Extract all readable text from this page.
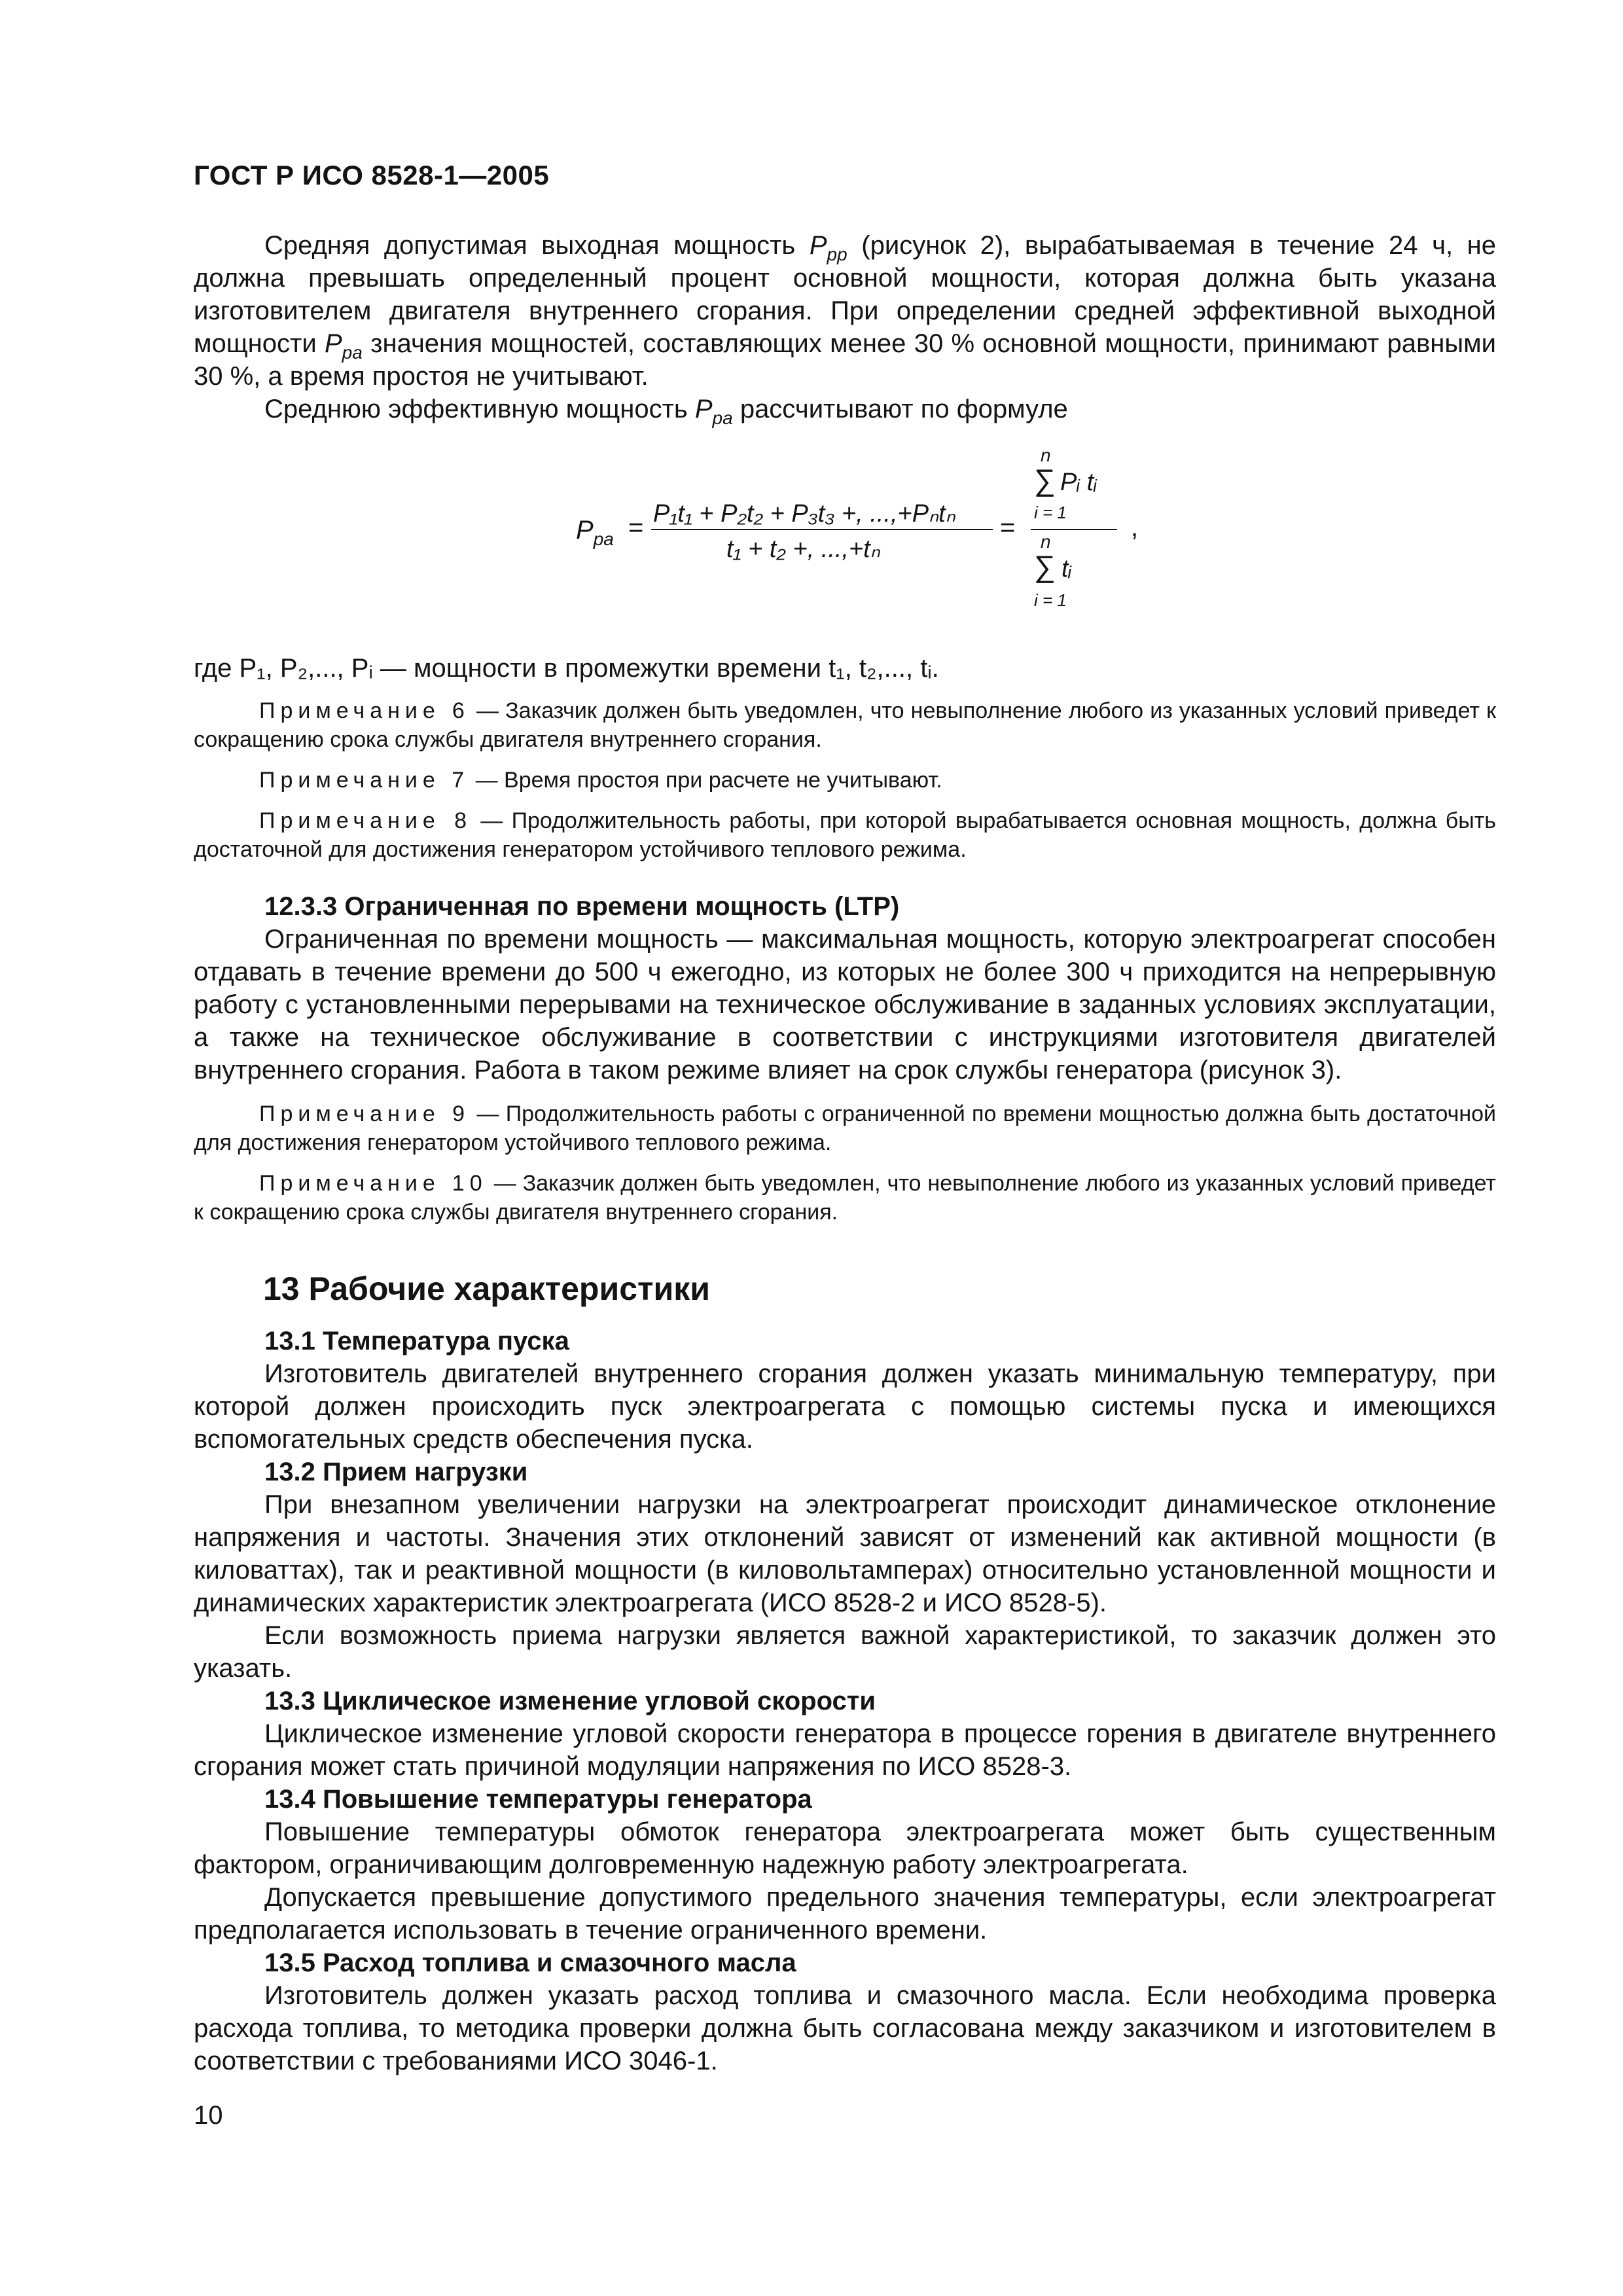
ГОСТ Р ИСО 8528-1—2005

Средняя допустимая выходная мощность $P_{pp}$ (рисунок 2), вырабатываемая в течение 24 ч, не должна превышать определенный процент основной мощности, которая должна быть указана изготовителем двигателя внутреннего сгорания. При определении средней эффективной выходной мощности $P_{pa}$ значения мощностей, составляющих менее 30 % основной мощности, принимают равными 30 %, а время простоя не учитывают.

Среднюю эффективную мощность $P_{pa}$ рассчитывают по формуле

$P_{pa} = P_1t_1 + P_2t_2 + P_3t_3$ +, ...,+Pₙtₙ
t₁ + t₂ +, ...,+tₙ
=
n
∑ Pᵢ tᵢ
i = 1
n
∑ tᵢ
i = 1
,

где P₁, P₂,..., Pᵢ — мощности в промежутки времени t₁, t₂,..., tᵢ.

Примечание 6 — Заказчик должен быть уведомлен, что невыполнение любого из указанных условий приведет к сокращению срока службы двигателя внутреннего сгорания.

Примечание 7 — Время простоя при расчете не учитывают.

Примечание 8 — Продолжительность работы, при которой вырабатывается основная мощность, должна быть достаточной для достижения генератором устойчивого теплового режима.

12.3.3 Ограниченная по времени мощность (LTP)

Ограниченная по времени мощность — максимальная мощность, которую электроагрегат способен отдавать в течение времени до 500 ч ежегодно, из которых не более 300 ч приходится на непрерывную работу с установленными перерывами на техническое обслуживание в заданных условиях эксплуатации, а также на техническое обслуживание в соответствии с инструкциями изготовителя двигателей внутреннего сгорания. Работа в таком режиме влияет на срок службы генератора (рисунок 3).

Примечание 9 — Продолжительность работы с ограниченной по времени мощностью должна быть достаточной для достижения генератором устойчивого теплового режима.

Примечание 10 — Заказчик должен быть уведомлен, что невыполнение любого из указанных условий приведет к сокращению срока службы двигателя внутреннего сгорания.

13 Рабочие характеристики
13.1 Температура пуска

Изготовитель двигателей внутреннего сгорания должен указать минимальную температуру, при которой должен происходить пуск электроагрегата с помощью системы пуска и имеющихся вспомогательных средств обеспечения пуска.

13.2 Прием нагрузки

При внезапном увеличении нагрузки на электроагрегат происходит динамическое отклонение напряжения и частоты. Значения этих отклонений зависят от изменений как активной мощности (в киловаттах), так и реактивной мощности (в киловольтамперах) относительно установленной мощности и динамических характеристик электроагрегата (ИСО 8528-2 и ИСО 8528-5).

Если возможность приема нагрузки является важной характеристикой, то заказчик должен это указать.

13.3 Циклическое изменение угловой скорости

Циклическое изменение угловой скорости генератора в процессе горения в двигателе внутреннего сгорания может стать причиной модуляции напряжения по ИСО 8528-3.

13.4 Повышение температуры генератора

Повышение температуры обмоток генератора электроагрегата может быть существенным фактором, ограничивающим долговременную надежную работу электроагрегата.

Допускается превышение допустимого предельного значения температуры, если электроагрегат предполагается использовать в течение ограниченного времени.

13.5 Расход топлива и смазочного масла

Изготовитель должен указать расход топлива и смазочного масла. Если необходима проверка расхода топлива, то методика проверки должна быть согласована между заказчиком и изготовителем в соответствии с требованиями ИСО 3046-1.

10
